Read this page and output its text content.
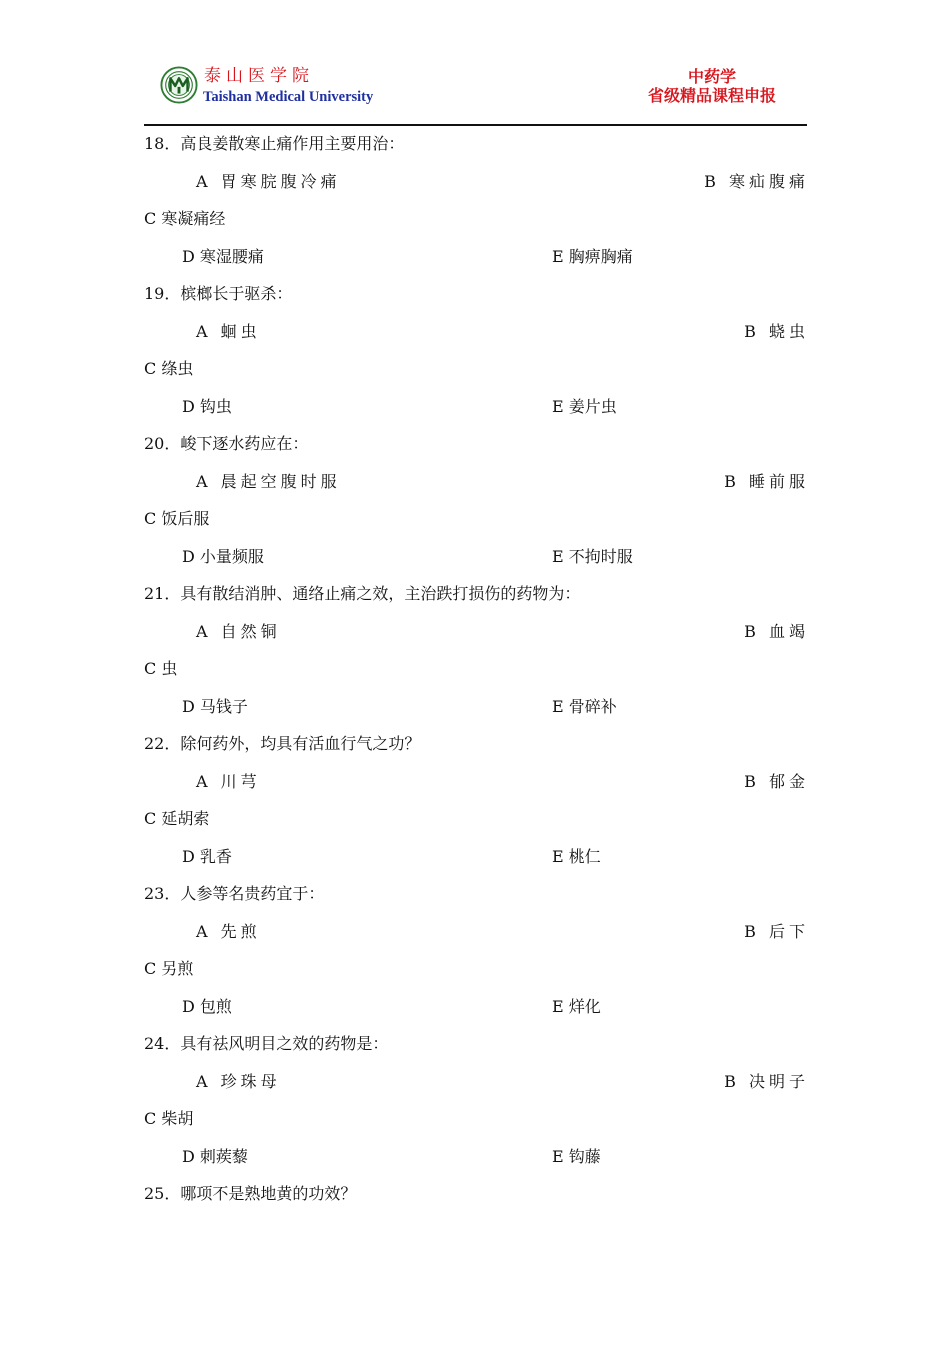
泰山医学院
Taishan Medical University
中药学
省级精品课程申报
18．高良姜散寒止痛作用主要用治：
A 胃寒脘腹冷痛	B 寒疝腹痛
C 寒凝痛经
D 寒湿腰痛	E 胸痹胸痛
19．槟榔长于驱杀：
A 蛔虫	B 蛲虫
C 绦虫
D 钩虫	E 姜片虫
20．峻下逐水药应在：
A 晨起空腹时服	B 睡前服
C 饭后服
D 小量频服	E 不拘时服
21．具有散结消肿、通络止痛之效，主治跌打损伤的药物为：
A 自然铜	B 血竭
C 虫
D 马钱子	E 骨碎补
22．除何药外，均具有活血行气之功？
A 川芎	B 郁金
C 延胡索
D 乳香	E 桃仁
23．人参等名贵药宜于：
A 先煎	B 后下
C 另煎
D 包煎	E 烊化
24．具有祛风明目之效的药物是：
A 珍珠母	B 决明子
C 柴胡
D 刺蒺藜	E 钩藤
25．哪项不是熟地黄的功效？
